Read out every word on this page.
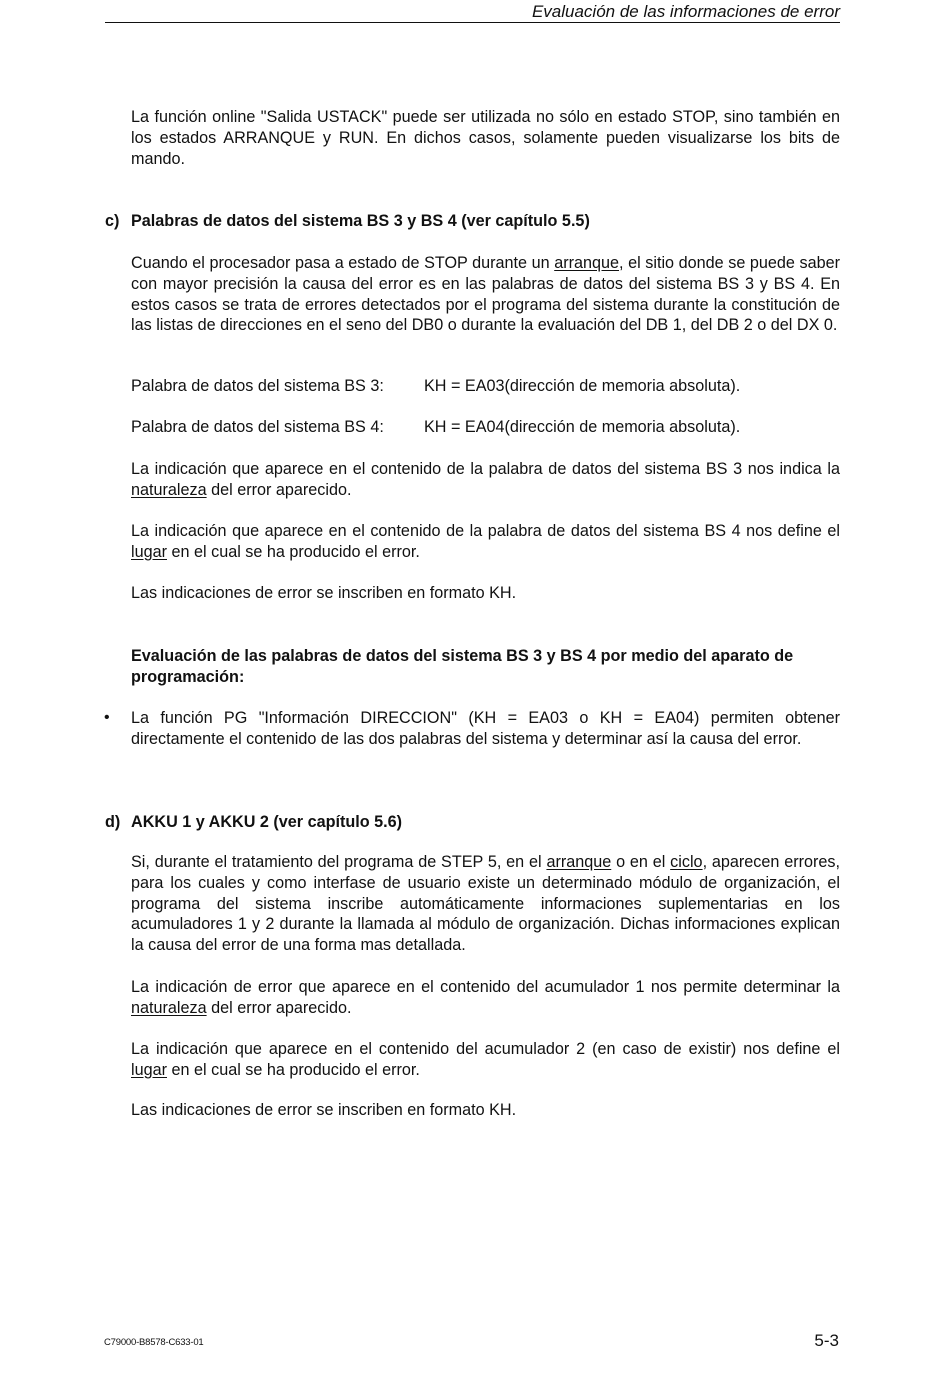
Evaluación de las informaciones de error

La función online "Salida USTACK" puede ser utilizada no sólo en estado STOP, sino también en los estados ARRANQUE y RUN. En dichos casos, solamente pueden visualizarse los bits de mando.

c) Palabras de datos del sistema BS 3 y BS 4 (ver capítulo 5.5)

Cuando el procesador pasa a estado de STOP durante un arranque, el sitio donde se puede saber con mayor precisión la causa del error es en las palabras de datos del sistema BS 3 y BS 4. En estos casos se trata de errores detectados por el programa del sistema durante la constitución de las listas de direcciones en el seno del DB0 o durante la evaluación del DB 1, del DB 2 o del DX 0.

Palabra de datos del sistema BS 3: KH = EA03(dirección de memoria absoluta).
Palabra de datos del sistema BS 4: KH = EA04(dirección de memoria absoluta).

La indicación que aparece en el contenido de la palabra de datos del sistema BS 3 nos indica la naturaleza del error aparecido.

La indicación que aparece en el contenido de la palabra de datos del sistema BS 4 nos define el lugar en el cual se ha producido el error.

Las indicaciones de error se inscriben en formato KH.

Evaluación de las palabras de datos del sistema BS 3 y BS 4 por medio del aparato de programación:

• La función PG "Información DIRECCION" (KH = EA03 o KH = EA04) permiten obtener directamente el contenido de las dos palabras del sistema y determinar así la causa del error.

d) AKKU 1 y AKKU 2 (ver capítulo 5.6)

Si, durante el tratamiento del programa de STEP 5, en el arranque o en el ciclo, aparecen errores, para los cuales y como interfase de usuario existe un determinado módulo de organización, el programa del sistema inscribe automáticamente informaciones suplementarias en los acumuladores 1 y 2 durante la llamada al módulo de organización. Dichas informaciones explican la causa del error de una forma mas detallada.

La indicación de error que aparece en el contenido del acumulador 1 nos permite determinar la naturaleza del error aparecido.

La indicación que aparece en el contenido del acumulador 2 (en caso de existir) nos define el lugar en el cual se ha producido el error.

Las indicaciones de error se inscriben en formato KH.

C79000-B8578-C633-01	5-3
